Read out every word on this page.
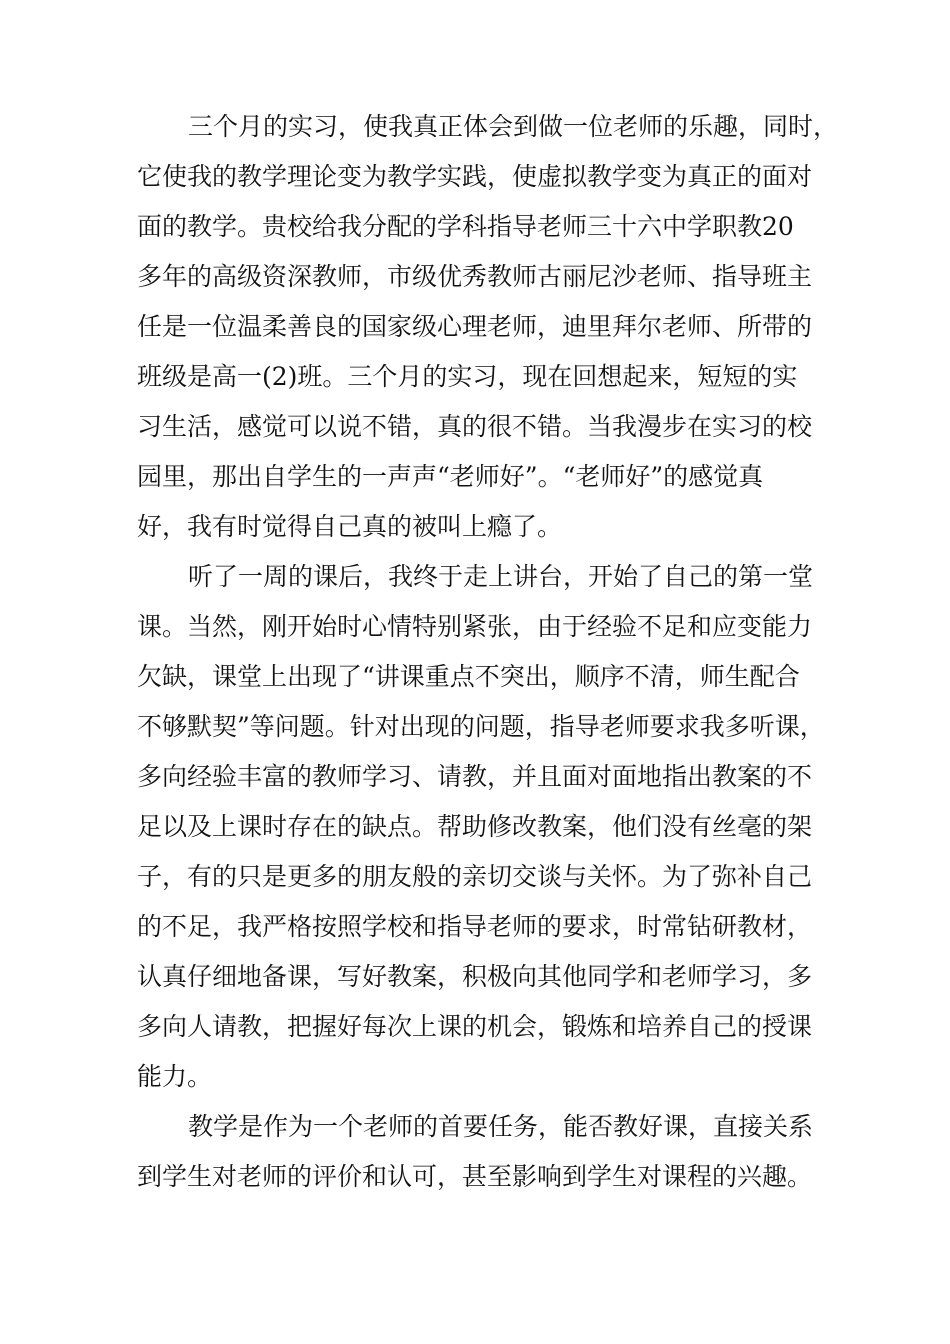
三个月的实习，使我真正体会到做一位老师的乐趣，同时，
它使我的教学理论变为教学实践，使虚拟教学变为真正的面对
面的教学。贵校给我分配的学科指导老师三十六中学职教20
多年的高级资深教师，市级优秀教师古丽尼沙老师、指导班主
任是一位温柔善良的国家级心理老师，迪里拜尔老师、所带的
班级是高一(2)班。三个月的实习，现在回想起来，短短的实
习生活，感觉可以说不错，真的很不错。当我漫步在实习的校
园里，那出自学生的一声声“老师好”。“老师好”的感觉真
好，我有时觉得自己真的被叫上瘾了。
听了一周的课后，我终于走上讲台，开始了自己的第一堂
课。当然，刚开始时心情特别紧张，由于经验不足和应变能力
欠缺，课堂上出现了“讲课重点不突出，顺序不清，师生配合
不够默契”等问题。针对出现的问题，指导老师要求我多听课，
多向经验丰富的教师学习、请教，并且面对面地指出教案的不
足以及上课时存在的缺点。帮助修改教案，他们没有丝毫的架
子，有的只是更多的朋友般的亲切交谈与关怀。为了弥补自己
的不足，我严格按照学校和指导老师的要求，时常钻研教材，
认真仔细地备课，写好教案，积极向其他同学和老师学习，多
多向人请教，把握好每次上课的机会，锻炼和培养自己的授课
能力。
教学是作为一个老师的首要任务，能否教好课，直接关系
到学生对老师的评价和认可，甚至影响到学生对课程的兴趣。
